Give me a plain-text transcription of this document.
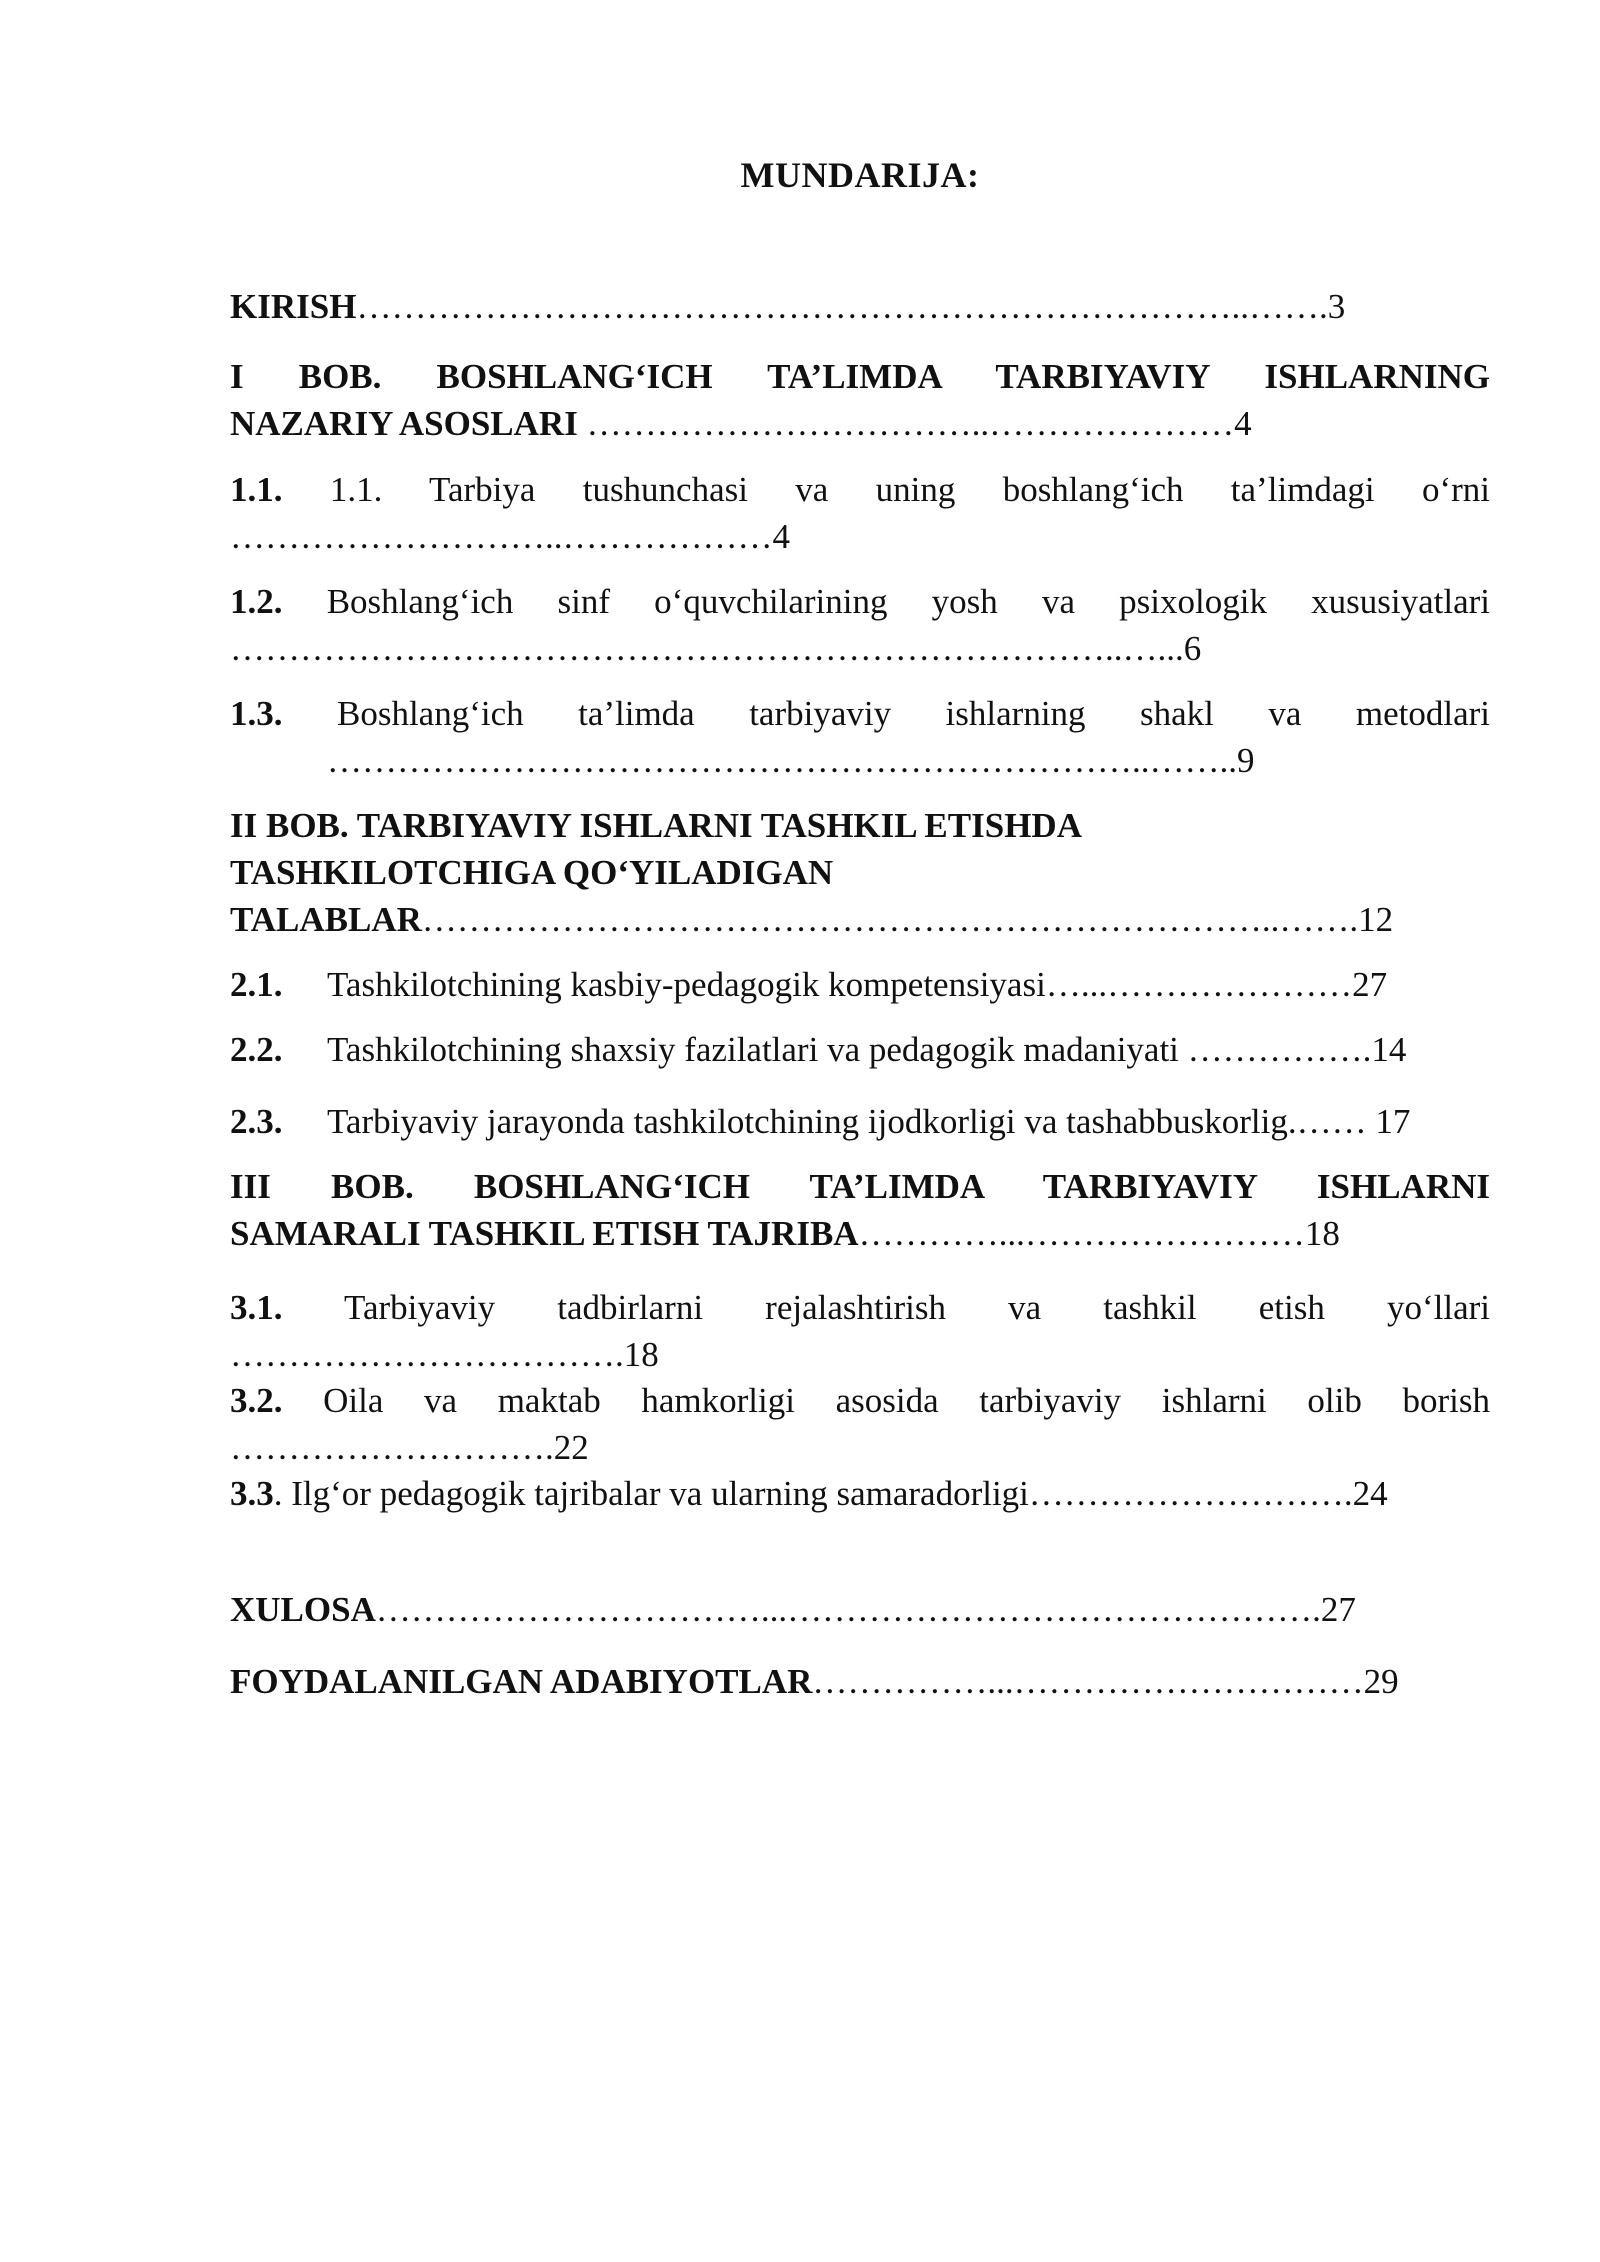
MUNDARIJA:
KIRISH…………………………………………………………………..…….3
I BOB. BOSHLANG‘ICH TA’LIMDA TARBIYAVIY ISHLARNING
NAZARIY ASOSLARI ……………………………..…………………4
1.1. 1.1. Tarbiya tushunchasi va uning boshlang‘ich ta’limdagi o‘rni
………………………..………………4
1.2. Boshlang‘ich sinf o‘quvchilarining yosh va psixologik xususiyatlari
…………………………………………………………………..…...6
1.3. Boshlang‘ich ta’limda tarbiyaviy ishlarning shakl va metodlari
……………………………………………………………..……..9
II BOB. TARBIYAVIY ISHLARNI TASHKIL ETISHDA
TASHKILOTCHIGA QO‘YILADIGAN
TALABLAR………………………………………………………………..…….12
2.1. Tashkilotchining kasbiy-pedagogik kompetensiyasi…...…………………27
2.2. Tashkilotchining shaxsiy fazilatlari va pedagogik madaniyati …………….14
2.3. Tarbiyaviy jarayonda tashkilotchining ijodkorligi va tashabbuskorlig.…… 17
III BOB. BOSHLANG‘ICH TA’LIMDA TARBIYAVIY ISHLARNI
SAMARALI TASHKIL ETISH TAJRIBA…………...……………………18
3.1. Tarbiyaviy tadbirlarni rejalashtirish va tashkil etish yo‘llari
…………………………….18
3.2. Oila va maktab hamkorligi asosida tarbiyaviy ishlarni olib borish
……………………….22
3.3. Ilg‘or pedagogik tajribalar va ularning samaradorligi……………………….24
XULOSA……………………………...……………………………………….27
FOYDALANILGAN ADABIYOTLAR……………...…………………………29
